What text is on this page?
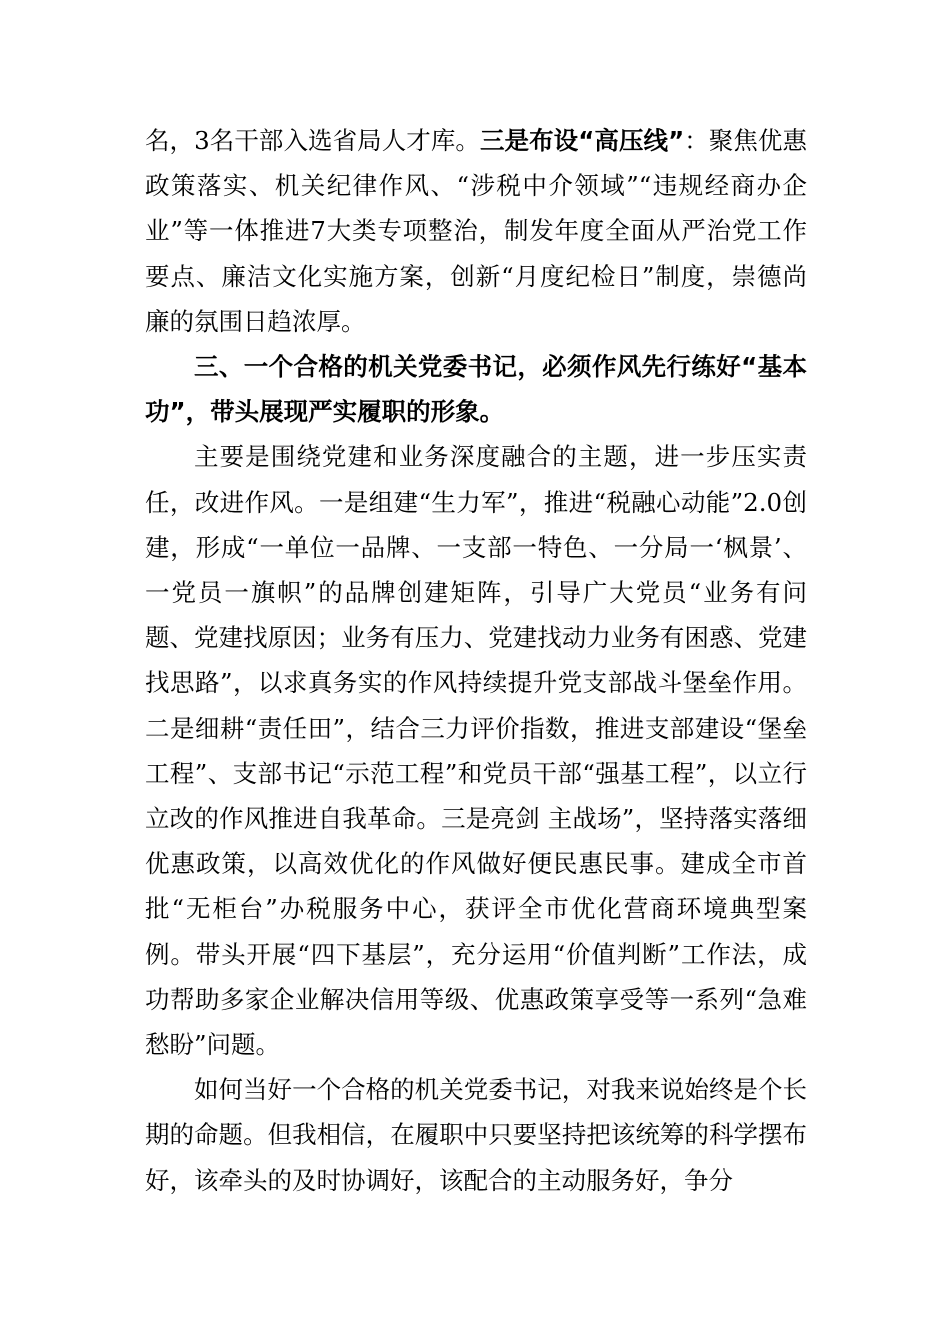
名，3名干部入选省局人才库。三是布设“高压线”：聚焦优惠政策落实、机关纪律作风、“涉税中介领域”“违规经商办企业”等一体推进7大类专项整治，制发年度全面从严治党工作要点、廉洁文化实施方案，创新“月度纪检日”制度，崇德尚廉的氛围日趋浓厚。

三、一个合格的机关党委书记，必须作风先行练好“基本功”，带头展现严实履职的形象。

主要是围绕党建和业务深度融合的主题，进一步压实责任，改进作风。一是组建“生力军”，推进“税融心动能”2.0创建，形成“一单位一品牌、一支部一特色、一分局一‘枫景’、一党员一旗帜”的品牌创建矩阵，引导广大党员“业务有问题、党建找原因；业务有压力、党建找动力业务有困惑、党建找思路”，以求真务实的作风持续提升党支部战斗堡垒作用。二是细耕“责任田”，结合三力评价指数，推进支部建设“堡垒工程”、支部书记“示范工程”和党员干部“强基工程”，以立行立改的作风推进自我革命。三是亮剑 主战场”，坚持落实落细优惠政策，以高效优化的作风做好便民惠民事。建成全市首批“无柜台”办税服务中心，获评全市优化营商环境典型案例。带头开展“四下基层”，充分运用“价值判断”工作法，成功帮助多家企业解决信用等级、优惠政策享受等一系列“急难愁盼”问题。

如何当好一个合格的机关党委书记，对我来说始终是个长期的命题。但我相信，在履职中只要坚持把该统筹的科学摆布好，该牵头的及时协调好，该配合的主动服务好，争分
